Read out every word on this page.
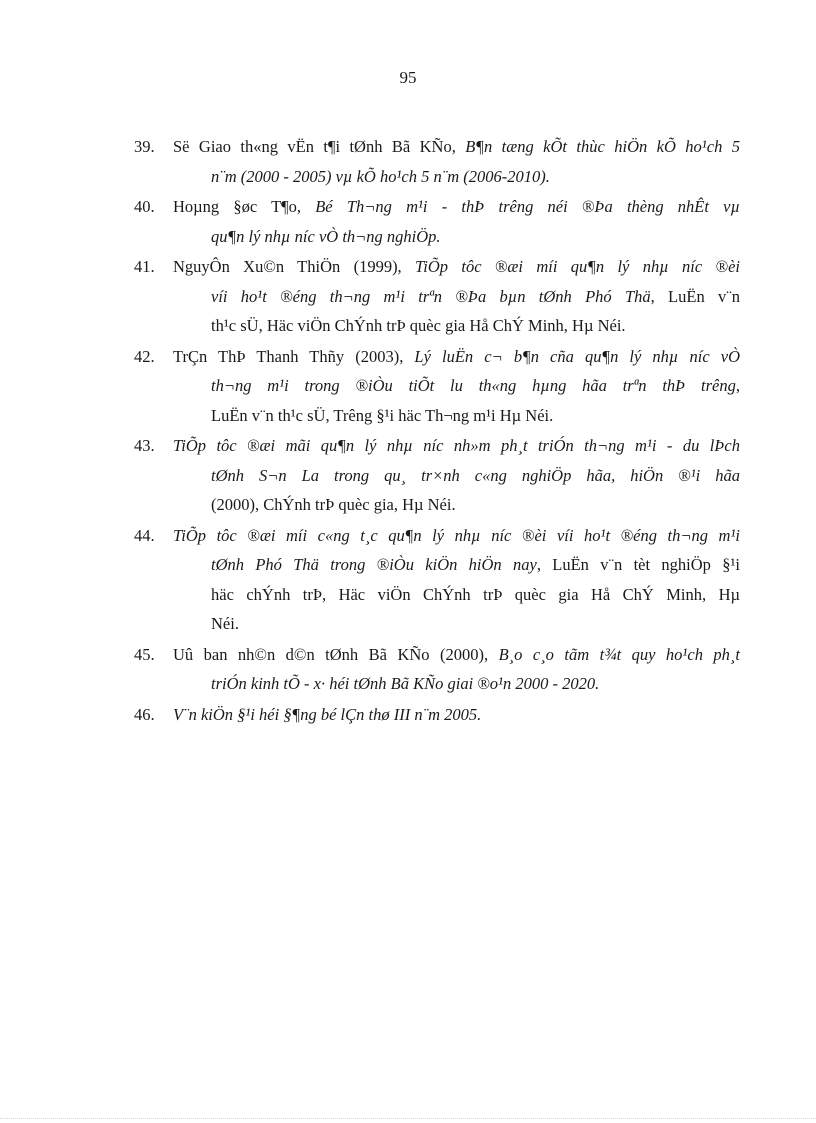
95
39.	Së Giao th«ng vËn t¶i tØnh Bã KÑo, B¶n tæng kÕt thùc hiÖn kÕ ho¹ch 5
n¨m (2000 - 2005) vµ kÕ ho¹ch 5 n¨m (2006-2010).
40.	Hoµng §øc T¶o, Bé Th¬ng m¹i - thÞ trêng néi ®Þa thèng nhÊt vµ
qu¶n lý nhµ níc vÒ th¬ng nghiÖp.
41.	NguyÔn Xu©n ThiÖn (1999), TiÕp tôc ®æi míi qu¶n lý nhµ níc ®èi
víi ho¹t ®éng th¬ng m¹i trªn ®Þa bµn tØnh Phó Thä, LuËn v¨n
th¹c sÜ, Häc viÖn ChÝnh trÞ quèc gia Hå ChÝ Minh, Hµ Néi.
42.	TrÇn ThÞ Thanh Thñy (2003), Lý luËn c¬ b¶n cña qu¶n lý nhµ níc vÒ
th¬ng m¹i trong ®iÒu tiÕt lu th«ng hµng hãa trªn thÞ trêng,
LuËn v¨n th¹c sÜ, Trêng §¹i häc Th¬ng m¹i Hµ Néi.
43.	TiÕp tôc ®æi mãi qu¶n lý nhµ níc nh»m ph¸t triÓn th¬ng m¹i - du lÞch
tØnh S¬n La trong qu¸ tr×nh c«ng nghiÖp hãa, hiÖn ®¹i hãa
(2000), ChÝnh trÞ quèc gia, Hµ Néi.
44.	TiÕp tôc ®æi míi c«ng t¸c qu¶n lý nhµ níc ®èi víi ho¹t ®éng th¬ng m¹i
tØnh Phó Thä trong ®iÒu kiÖn hiÖn nay, LuËn v¨n tèt nghiÖp §¹i
häc chÝnh trÞ, Häc viÖn ChÝnh trÞ quèc gia Hå ChÝ Minh, Hµ
Néi.
45.	Uû ban nh©n d©n tØnh Bã KÑo (2000), B¸o c¸o tãm t¾t quy ho¹ch ph¸t
triÓn kinh tÕ - x· héi tØnh Bã KÑo giai ®o¹n 2000 - 2020.
46.	V¨n kiÖn §¹i héi §¶ng bé lÇn thø III n¨m 2005.
